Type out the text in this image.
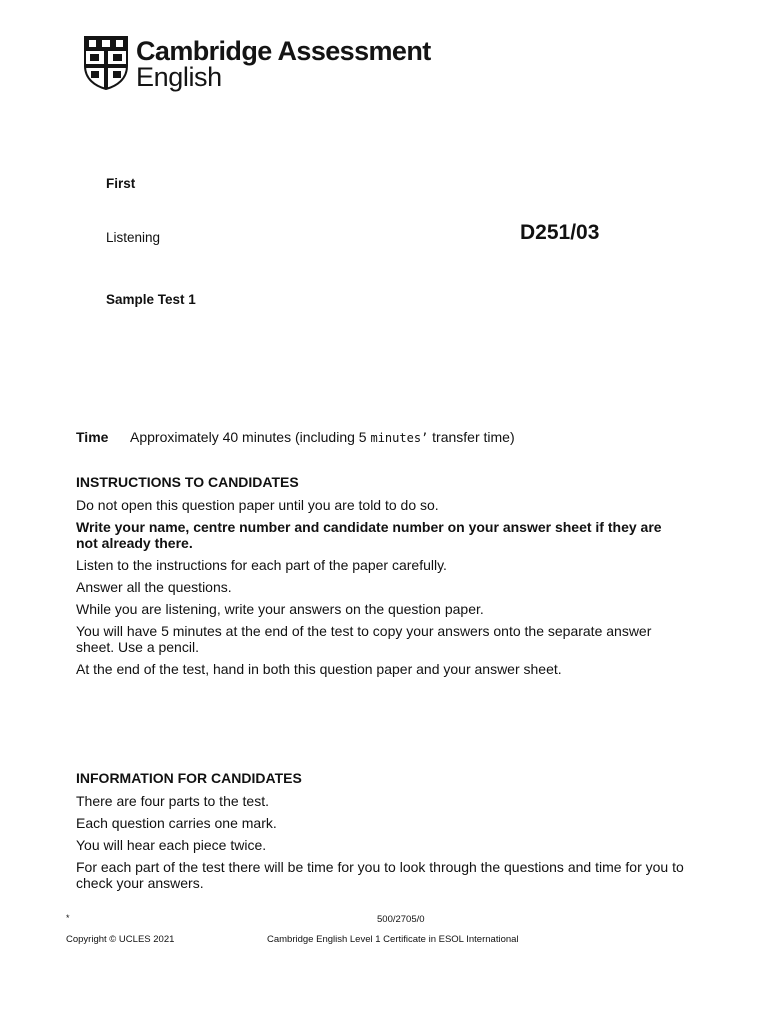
Cambridge Assessment
English
First
Listening	D251/03
Sample Test 1
Time Approximately 40 minutes (including 5 minutes’ transfer time)
INSTRUCTIONS TO CANDIDATES

Do not open this question paper until you are told to do so.

Write your name, centre number and candidate number on your answer sheet if they are not already there.

Listen to the instructions for each part of the paper carefully.

Answer all the questions.

While you are listening, write your answers on the question paper.

You will have 5 minutes at the end of the test to copy your answers onto the separate answer sheet. Use a pencil.

At the end of the test, hand in both this question paper and your answer sheet.

INFORMATION FOR CANDIDATES

There are four parts to the test.

Each question carries one mark.

You will hear each piece twice.

For each part of the test there will be time for you to look through the questions and time for you to check your answers.

*	500/2705/0
Copyright © UCLES 2021	Cambridge English Level 1 Certificate in ESOL International
